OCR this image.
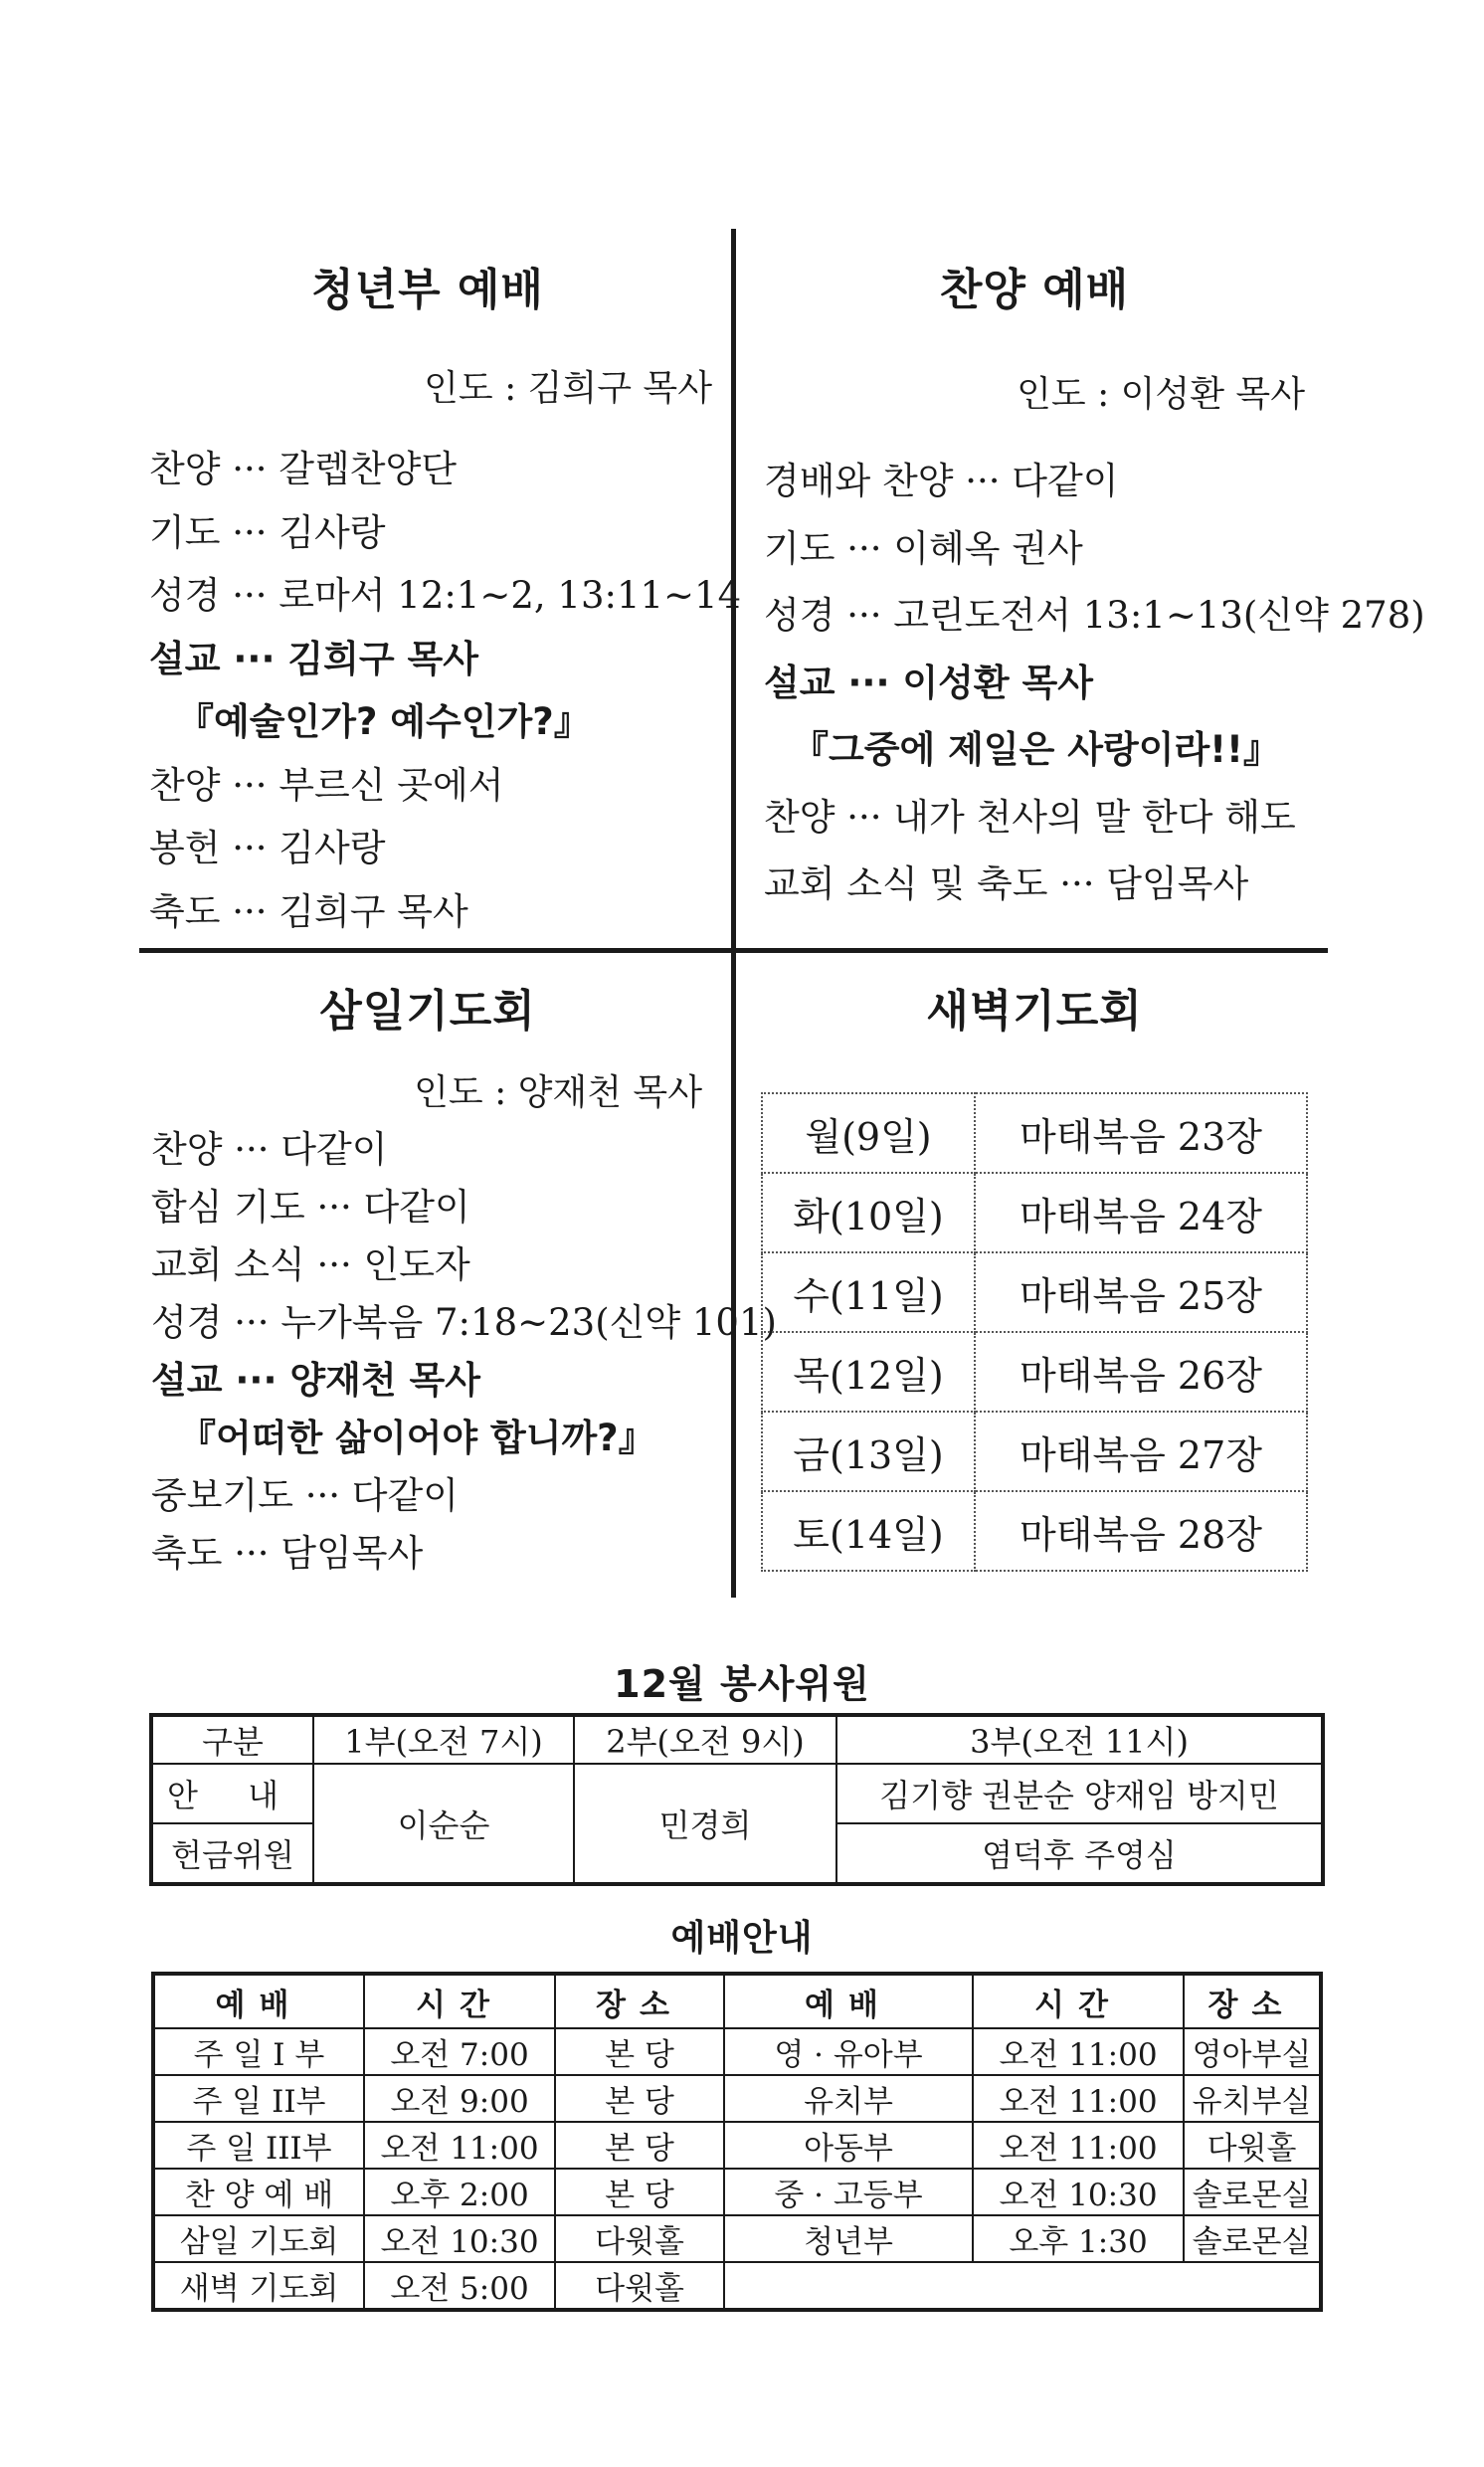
청년부 예배
인도 : 김희구 목사
찬양 ··· 갈렙찬양단
기도 ··· 김사랑
성경 ··· 로마서 12:1~2, 13:11~14
설교 ··· 김희구 목사
『예술인가? 예수인가?』
찬양 ··· 부르신 곳에서
봉헌 ··· 김사랑
축도 ··· 김희구 목사
찬양 예배
인도 : 이성환 목사
경배와 찬양 ··· 다같이
기도 ··· 이혜옥 권사
성경 ··· 고린도전서 13:1~13(신약 278)
설교 ··· 이성환 목사
『그중에 제일은 사랑이라!!』
찬양 ··· 내가 천사의 말 한다 해도
교회 소식 및 축도 ··· 담임목사
삼일기도회
인도 : 양재천 목사
찬양 ··· 다같이
합심 기도 ··· 다같이
교회 소식 ··· 인도자
성경 ··· 누가복음 7:18~23(신약 101)
설교 ··· 양재천 목사
『어떠한 삶이어야 합니까?』
중보기도 ··· 다같이
축도 ··· 담임목사
새벽기도회
월(9일)	마태복음 23장
화(10일)	마태복음 24장
수(11일)	마태복음 25장
목(12일)	마태복음 26장
금(13일)	마태복음 27장
토(14일)	마태복음 28장
12월 봉사위원
구분	1부(오전 7시)	2부(오전 9시)	3부(오전 11시)
안 내	이순순	민경희	김기향 권분순 양재임 방지민
헌금위원			염덕후 주영심
예배안내
예배	시간	장소	예배	시간	장소
주 일 I 부	오전 7:00	본 당	영 · 유아부	오전 11:00	영아부실
주 일 II부	오전 9:00	본 당	유치부	오전 11:00	유치부실
주 일 III부	오전 11:00	본 당	아동부	오전 11:00	다윗홀
찬 양 예 배	오후 2:00	본 당	중 · 고등부	오전 10:30	솔로몬실
삼일 기도회	오전 10:30	다윗홀	청년부	오후 1:30	솔로몬실
새벽 기도회	오전 5:00	다윗홀			
